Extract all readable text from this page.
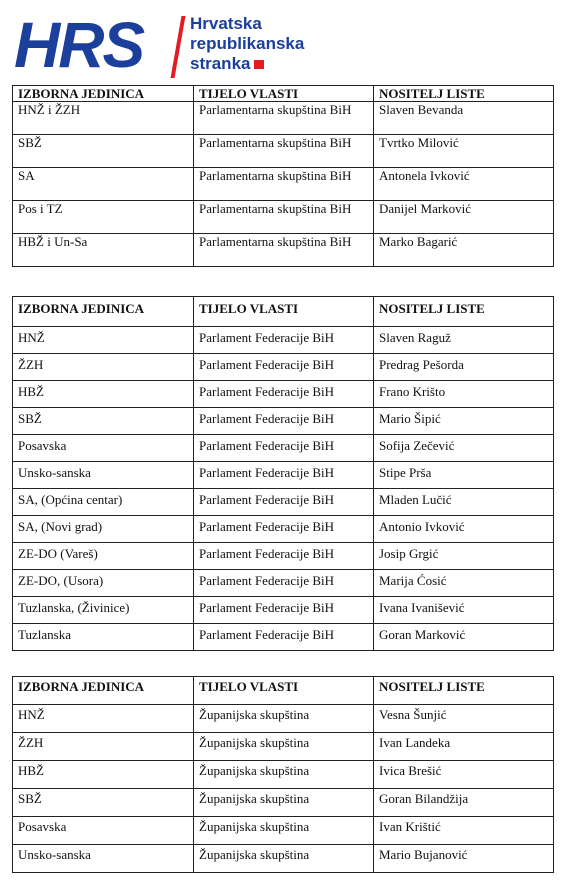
HRS	Hrvatska
republikanska
stranka
IZBORNA JEDINICA	TIJELO VLASTI	NOSITELJ LISTE
HNŽ i ŽZH	Parlamentarna skupština BiH	Slaven Bevanda
SBŽ	Parlamentarna skupština BiH	Tvrtko Milović
SA	Parlamentarna skupština BiH	Antonela Ivković
Pos i TZ	Parlamentarna skupština BiH	Danijel Marković
HBŽ i Un-Sa	Parlamentarna skupština BiH	Marko Bagarić
IZBORNA JEDINICA	TIJELO VLASTI	NOSITELJ LISTE
HNŽ	Parlament Federacije BiH	Slaven Raguž
ŽZH	Parlament Federacije BiH	Predrag Pešorda
HBŽ	Parlament Federacije BiH	Frano Krišto
SBŽ	Parlament Federacije BiH	Mario Šipić
Posavska	Parlament Federacije BiH	Sofija Zečević
Unsko-sanska	Parlament Federacije BiH	Stipe Prša
SA, (Općina centar)	Parlament Federacije BiH	Mladen Lučić
SA, (Novi grad)	Parlament Federacije BiH	Antonio Ivković
ZE-DO (Vareš)	Parlament Federacije BiH	Josip Grgić
ZE-DO, (Usora)	Parlament Federacije BiH	Marija Ćosić
Tuzlanska, (Živinice)	Parlament Federacije BiH	Ivana Ivanišević
Tuzlanska	Parlament Federacije BiH	Goran Marković
IZBORNA JEDINICA	TIJELO VLASTI	NOSITELJ LISTE
HNŽ	Županijska skupština	Vesna Šunjić
ŽZH	Županijska skupština	Ivan Landeka
HBŽ	Županijska skupština	Ivica Brešić
SBŽ	Županijska skupština	Goran Bilandžija
Posavska	Županijska skupština	Ivan Krištić
Unsko-sanska	Županijska skupština	Mario Bujanović
